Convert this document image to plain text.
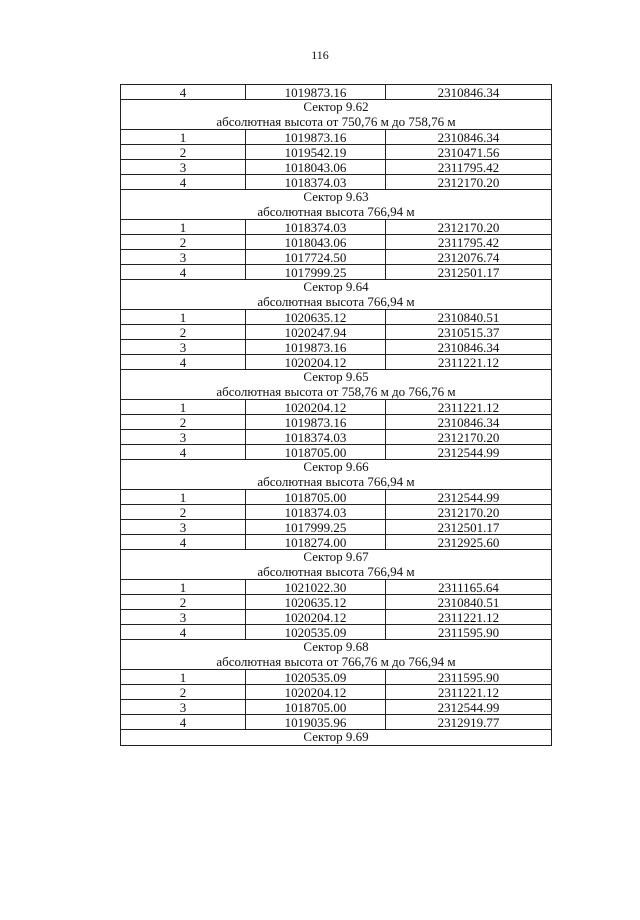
116
4	1019873.16	2310846.34

Сектор 9.62
абсолютная высота от 750,76 м до 758,76 м		

1	1019873.16	2310846.34
2	1019542.19	2310471.56
3	1018043.06	2311795.42
4	1018374.03	2312170.20

Сектор 9.63
абсолютная высота 766,94 м		

1	1018374.03	2312170.20
2	1018043.06	2311795.42
3	1017724.50	2312076.74
4	1017999.25	2312501.17

Сектор 9.64
абсолютная высота 766,94 м		

1	1020635.12	2310840.51
2	1020247.94	2310515.37
3	1019873.16	2310846.34
4	1020204.12	2311221.12

Сектор 9.65
абсолютная высота от 758,76 м до 766,76 м		

1	1020204.12	2311221.12
2	1019873.16	2310846.34
3	1018374.03	2312170.20
4	1018705.00	2312544.99

Сектор 9.66
абсолютная высота 766,94 м		

1	1018705.00	2312544.99
2	1018374.03	2312170.20
3	1017999.25	2312501.17
4	1018274.00	2312925.60

Сектор 9.67
абсолютная высота 766,94 м		

1	1021022.30	2311165.64
2	1020635.12	2310840.51
3	1020204.12	2311221.12
4	1020535.09	2311595.90

Сектор 9.68
абсолютная высота от 766,76 м до 766,94 м		

1	1020535.09	2311595.90
2	1020204.12	2311221.12
3	1018705.00	2312544.99
4	1019035.96	2312919.77

Сектор 9.69		
